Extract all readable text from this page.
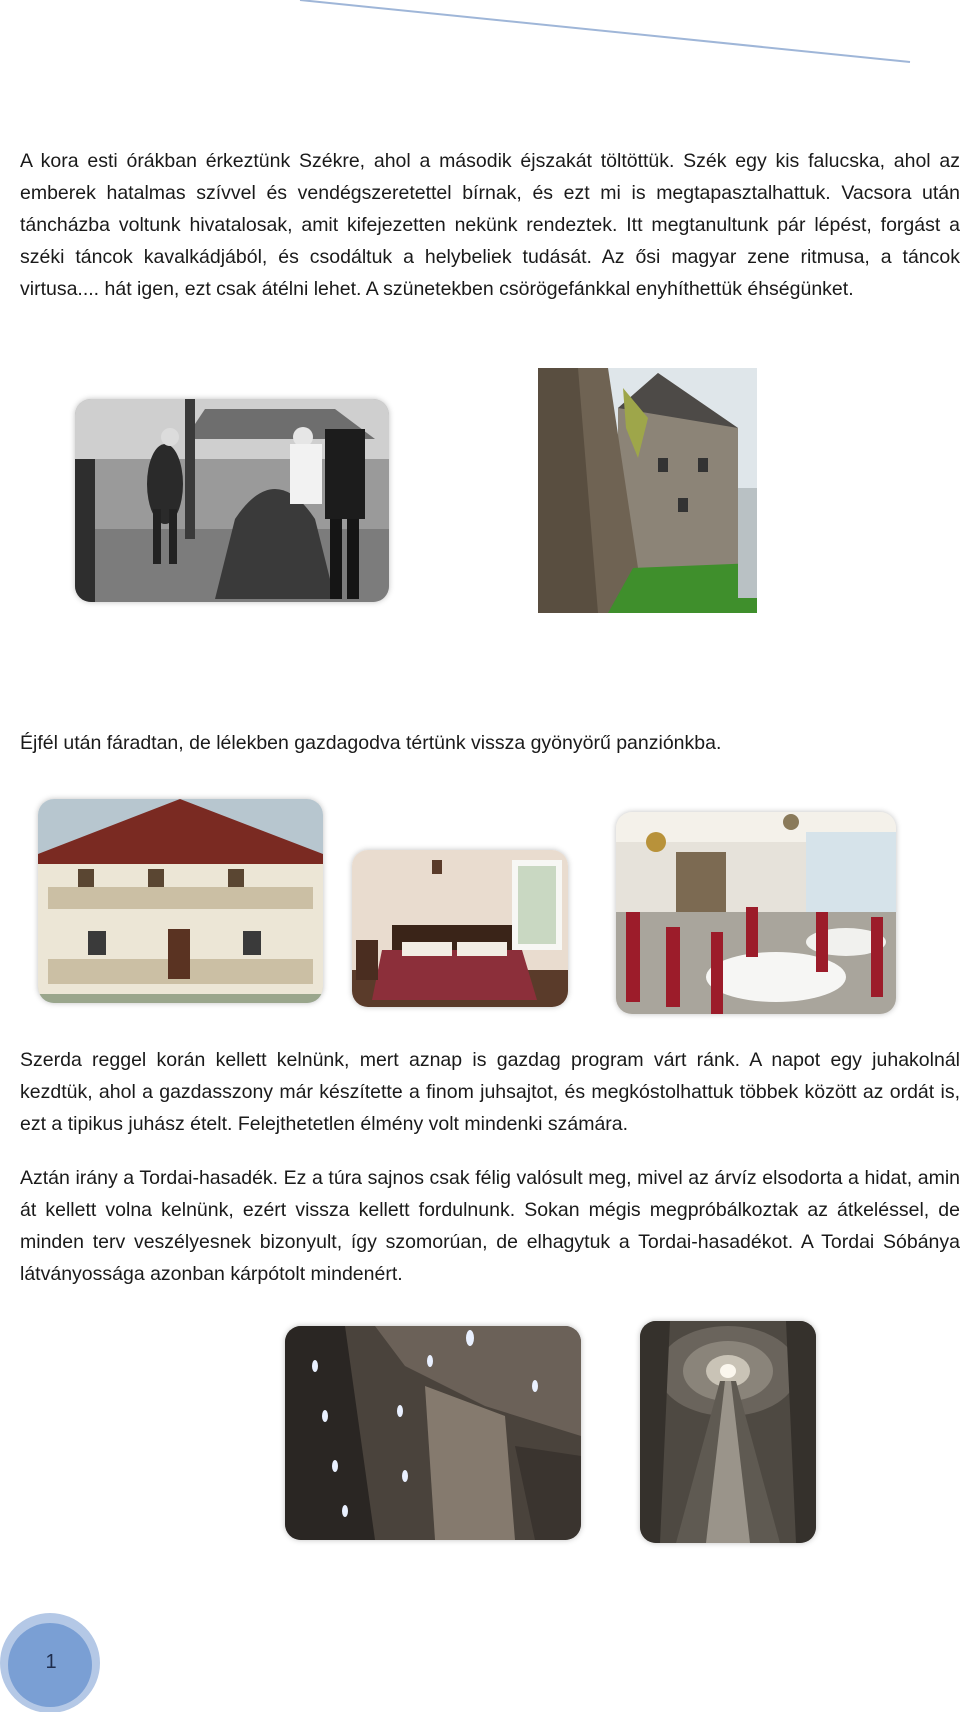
A kora esti órákban érkeztünk Székre, ahol a második éjszakát töltöttük. Szék egy kis falucska, ahol az emberek hatalmas szívvel és vendégszeretettel bírnak, és ezt mi is megtapasztalhattuk. Vacsora után táncházba voltunk hivatalosak, amit kifejezetten nekünk rendeztek. Itt megtanultunk pár lépést, forgást a széki táncok kavalkádjából, és csodáltuk a helybeliek tudását. Az ősi magyar zene ritmusa, a táncok virtusa.... hát igen, ezt csak átélni lehet. A szünetekben csörögefánkkal enyhíthettük éhségünket.

Éjfél után fáradtan, de lélekben gazdagodva tértünk vissza gyönyörű panziónkba.

Szerda reggel korán kellett kelnünk, mert aznap is gazdag program várt ránk. A napot egy juhakolnál kezdtük, ahol a gazdasszony már készítette a finom juhsajtot, és megkóstolhattuk többek között az ordát is, ezt a tipikus juhász ételt. Felejthetetlen élmény volt mindenki számára.

Aztán irány a Tordai-hasadék. Ez a túra sajnos csak félig valósult meg, mivel az árvíz elsodorta a hidat, amin át kellett volna kelnünk, ezért vissza kellett fordulnunk. Sokan mégis megpróbálkoztak az átkeléssel, de minden terv veszélyesnek bizonyult, így szomorúan, de elhagytuk a Tordai-hasadékot. A Tordai Sóbánya látványossága azonban kárpótolt mindenért.

1
